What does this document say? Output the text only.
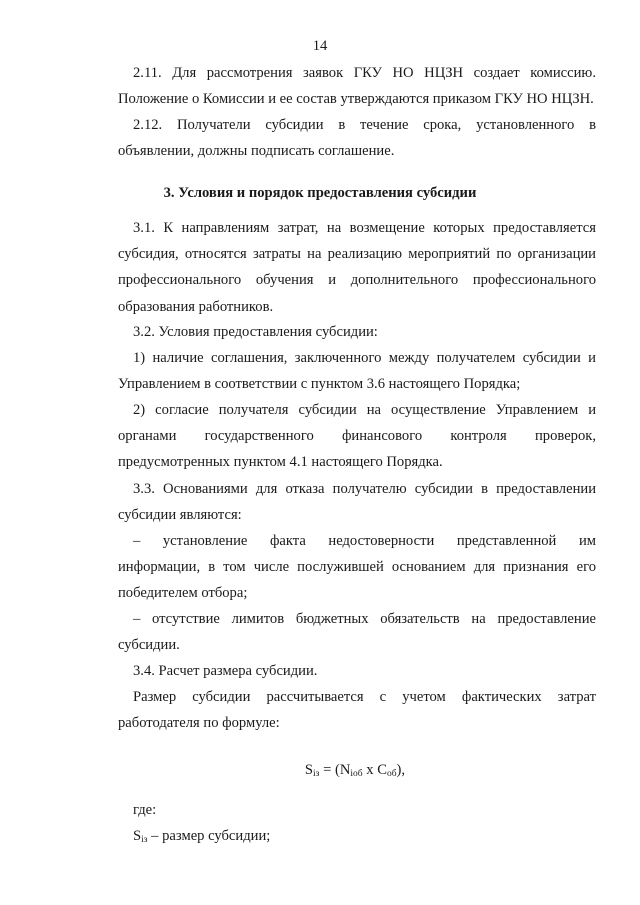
14
2.11. Для рассмотрения заявок ГКУ НО НЦЗН создает комиссию.
Положение о Комиссии и ее состав утверждаются приказом ГКУ НО НЦЗН.
2.12. Получатели субсидии в течение срока, установленного в
объявлении, должны подписать соглашение.
3. Условия и порядок предоставления субсидии
3.1. К направлениям затрат, на возмещение которых предоставляется
субсидия, относятся затраты на реализацию мероприятий по организации
профессионального обучения и дополнительного профессионального
образования работников.
3.2. Условия предоставления субсидии:
1) наличие соглашения, заключенного между получателем субсидии и
Управлением в соответствии с пунктом 3.6 настоящего Порядка;
2) согласие получателя субсидии на осуществление Управлением и
органами государственного финансового контроля проверок,
предусмотренных пунктом 4.1 настоящего Порядка.
3.3. Основаниями для отказа получателю субсидии в предоставлении
субсидии являются:
– установление факта недостоверности представленной им
информации, в том числе послужившей основанием для признания его
победителем отбора;
– отсутствие лимитов бюджетных обязательств на предоставление
субсидии.
3.4. Расчет размера субсидии.
Размер субсидии рассчитывается с учетом фактических затрат
работодателя по формуле:
$S_{iз} = (N_{iоб}$ x $C_{об}$),
где:
$S_{iз}$ – размер субсидии;
